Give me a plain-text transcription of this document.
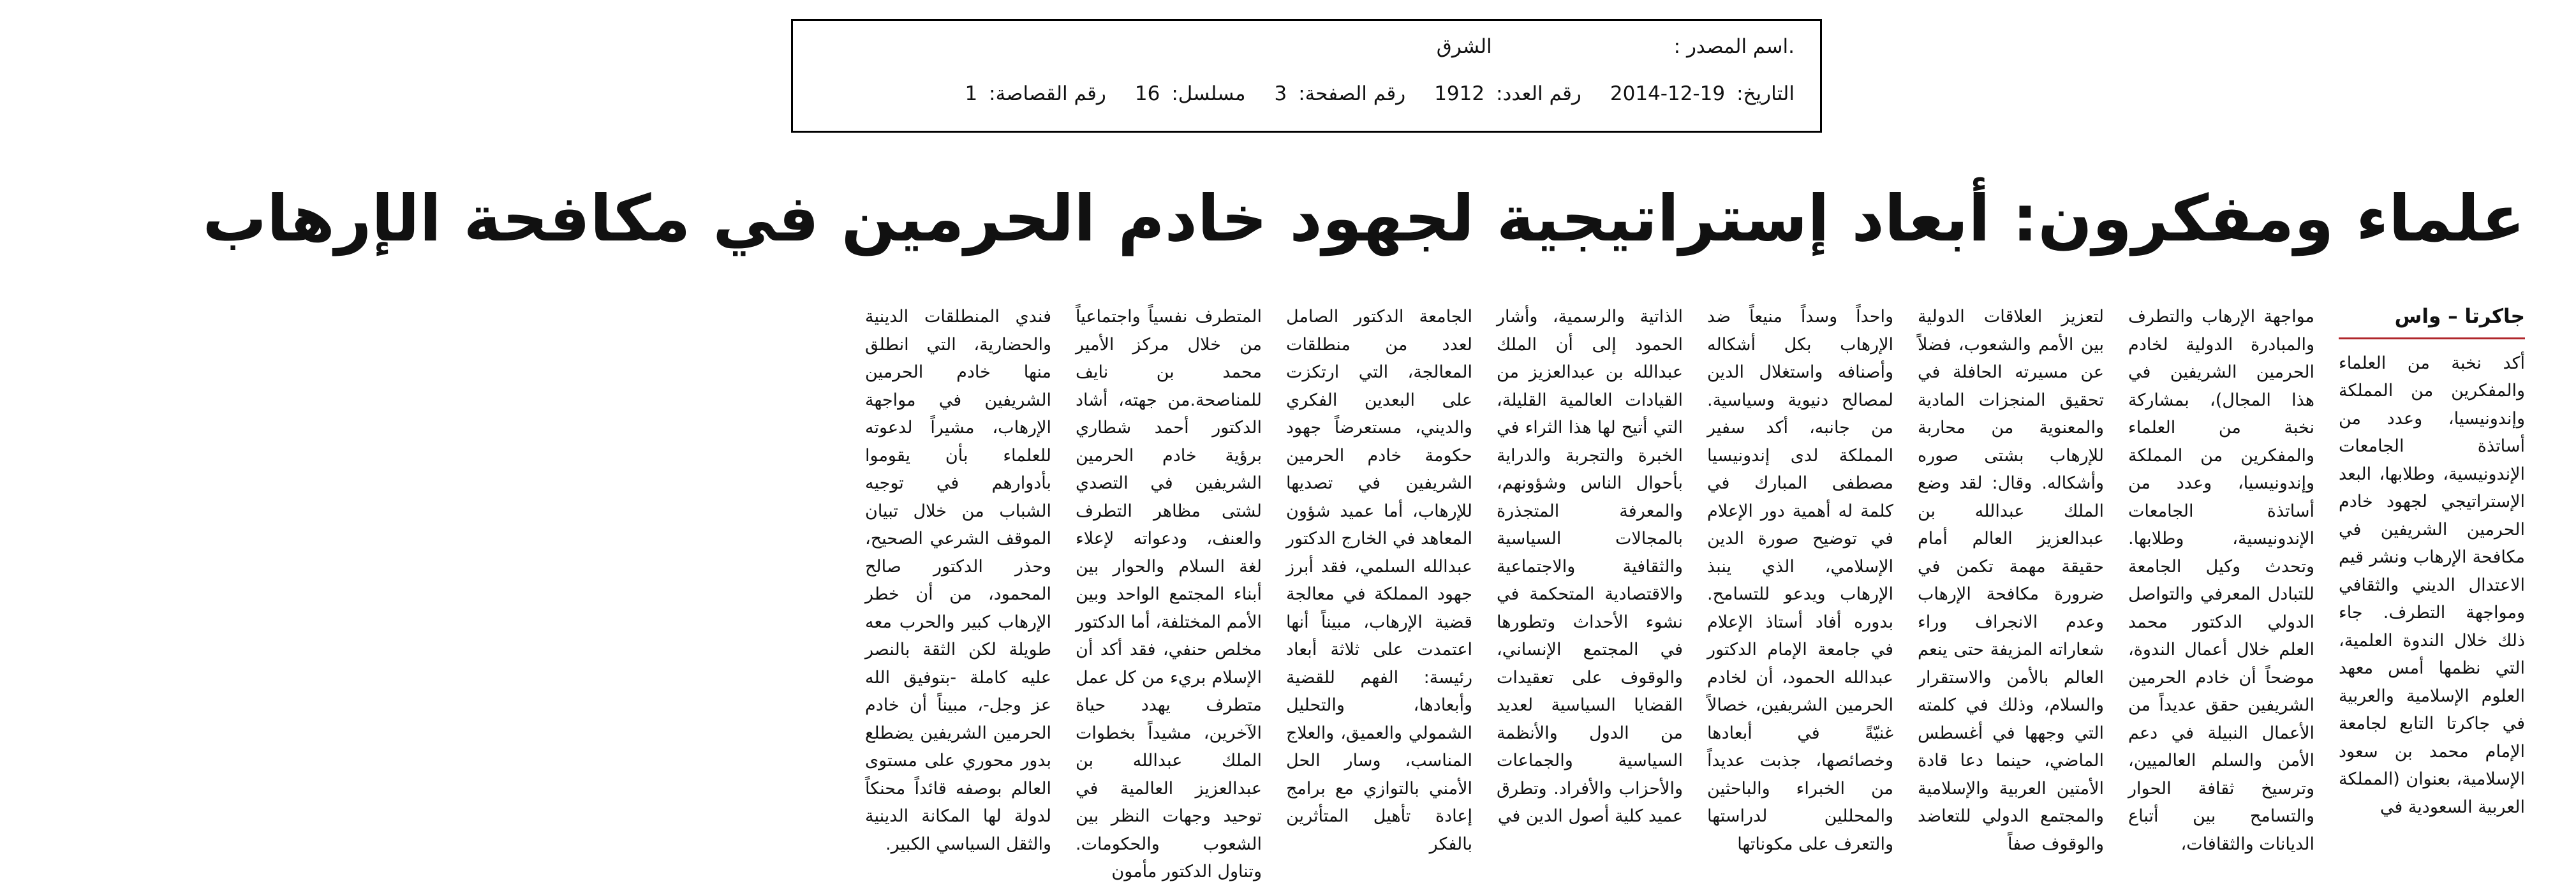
.اسم المصدر :
الشرق
التاريخ:
2014-12-19
رقم العدد:
1912
رقم الصفحة:
3
مسلسل:
16
رقم القصاصة:
1
علماء ومفكرون: أبعاد إستراتيجية لجهود خادم الحرمين في مكافحة الإرهاب
جاكرتا – واس

أكد نخبة من العلماء والمفكرين من المملكة وإندونيسيا، وعدد من أساتذة الجامعات الإندونيسية، وطلابها، البعد الإستراتيجي لجهود خادم الحرمين الشريفين في مكافحة الإرهاب ونشر قيم الاعتدال الديني والثقافي ومواجهة التطرف. جاء ذلك خلال الندوة العلمية، التي نظمها أمس معهد العلوم الإسلامية والعربية في جاكرتا التابع لجامعة الإمام محمد بن سعود الإسلامية، بعنوان (المملكة العربية السعودية في

مواجهة الإرهاب والتطرف والمبادرة الدولية لخادم الحرمين الشريفين في هذا المجال)، بمشاركة نخبة من العلماء والمفكرين من المملكة وإندونيسيا، وعدد من أساتذة الجامعات الإندونيسية، وطلابها. وتحدث وكيل الجامعة للتبادل المعرفي والتواصل الدولي الدكتور محمد العلم خلال أعمال الندوة، موضحاً أن خادم الحرمين الشريفين حقق عديداً من الأعمال النبيلة في دعم الأمن والسلم العالميين، وترسيخ ثقافة الحوار والتسامح بين أتباع الديانات والثقافات،

لتعزيز العلاقات الدولية بين الأمم والشعوب، فضلاً عن مسيرته الحافلة في تحقيق المنجزات المادية والمعنوية من محاربة للإرهاب بشتى صوره وأشكاله. وقال: لقد وضع الملك عبدالله بن عبدالعزيز العالم أمام حقيقة مهمة تكمن في ضرورة مكافحة الإرهاب وعدم الانجراف وراء شعاراته المزيفة حتى ينعم العالم بالأمن والاستقرار والسلام، وذلك في كلمته التي وجهها في أغسطس الماضي، حينما دعا قادة الأمتين العربية والإسلامية والمجتمع الدولي للتعاضد والوقوف صفاً

واحداً وسداً منيعاً ضد الإرهاب بكل أشكاله وأصنافه واستغلال الدين لمصالح دنيوية وسياسية. من جانبه، أكد سفير المملكة لدى إندونيسيا مصطفى المبارك في كلمة له أهمية دور الإعلام في توضيح صورة الدين الإسلامي، الذي ينبذ الإرهاب ويدعو للتسامح. بدوره أفاد أستاذ الإعلام في جامعة الإمام الدكتور عبدالله الحمود، أن لخادم الحرمين الشريفين، خصالاً غنيّةً في أبعادها وخصائصها، جذبت عديداً من الخبراء والباحثين والمحللين لدراستها والتعرف على مكوناتها

الذاتية والرسمية، وأشار الحمود إلى أن الملك عبدالله بن عبدالعزيز من القيادات العالمية القليلة، التي أتيح لها هذا الثراء في الخبرة والتجربة والدراية بأحوال الناس وشؤونهم، والمعرفة المتجذرة بالمجالات السياسية والثقافية والاجتماعية والاقتصادية المتحكمة في نشوء الأحداث وتطورها في المجتمع الإنساني، والوقوف على تعقيدات القضايا السياسية لعديد من الدول والأنظمة السياسية والجماعات والأحزاب والأفراد. وتطرق عميد كلية أصول الدين في

الجامعة الدكتور الصامل لعدد من منطلقات المعالجة، التي ارتكزت على البعدين الفكري والديني، مستعرضاً جهود حكومة خادم الحرمين الشريفين في تصديها للإرهاب، أما عميد شؤون المعاهد في الخارج الدكتور عبدالله السلمي، فقد أبرز جهود المملكة في معالجة قضية الإرهاب، مبيناً أنها اعتمدت على ثلاثة أبعاد رئيسة: الفهم للقضية وأبعادها، والتحليل الشمولي والعميق، والعلاج المناسب، وسار الحل الأمني بالتوازي مع برامج إعادة تأهيل المتأثرين بالفكر

المتطرف نفسياً واجتماعياً من خلال مركز الأمير محمد بن نايف للمناصحة.من جهته، أشاد الدكتور أحمد شطاري برؤية خادم الحرمين الشريفين في التصدي لشتى مظاهر التطرف والعنف، ودعواته لإعلاء لغة السلام والحوار بين أبناء المجتمع الواحد وبين الأمم المختلفة، أما الدكتور مخلص حنفي، فقد أكد أن الإسلام بريء من كل عمل متطرف يهدد حياة الآخرين، مشيداً بخطوات الملك عبدالله بن عبدالعزيز العالمية في توحيد وجهات النظر بين الشعوب والحكومات. وتناول الدكتور مأمون

فندي المنطلقات الدينية والحضارية، التي انطلق منها خادم الحرمين الشريفين في مواجهة الإرهاب، مشيراً لدعوته للعلماء بأن يقوموا بأدوارهم في توجيه الشباب من خلال تبيان الموقف الشرعي الصحيح، وحذر الدكتور صالح المحمود، من أن خطر الإرهاب كبير والحرب معه طويلة لكن الثقة بالنصر عليه كاملة -بتوفيق الله عز وجل-، مبيناً أن خادم الحرمين الشريفين يضطلع بدور محوري على مستوى العالم بوصفه قائداً محنكاً لدولة لها المكانة الدينية والثقل السياسي الكبير.
